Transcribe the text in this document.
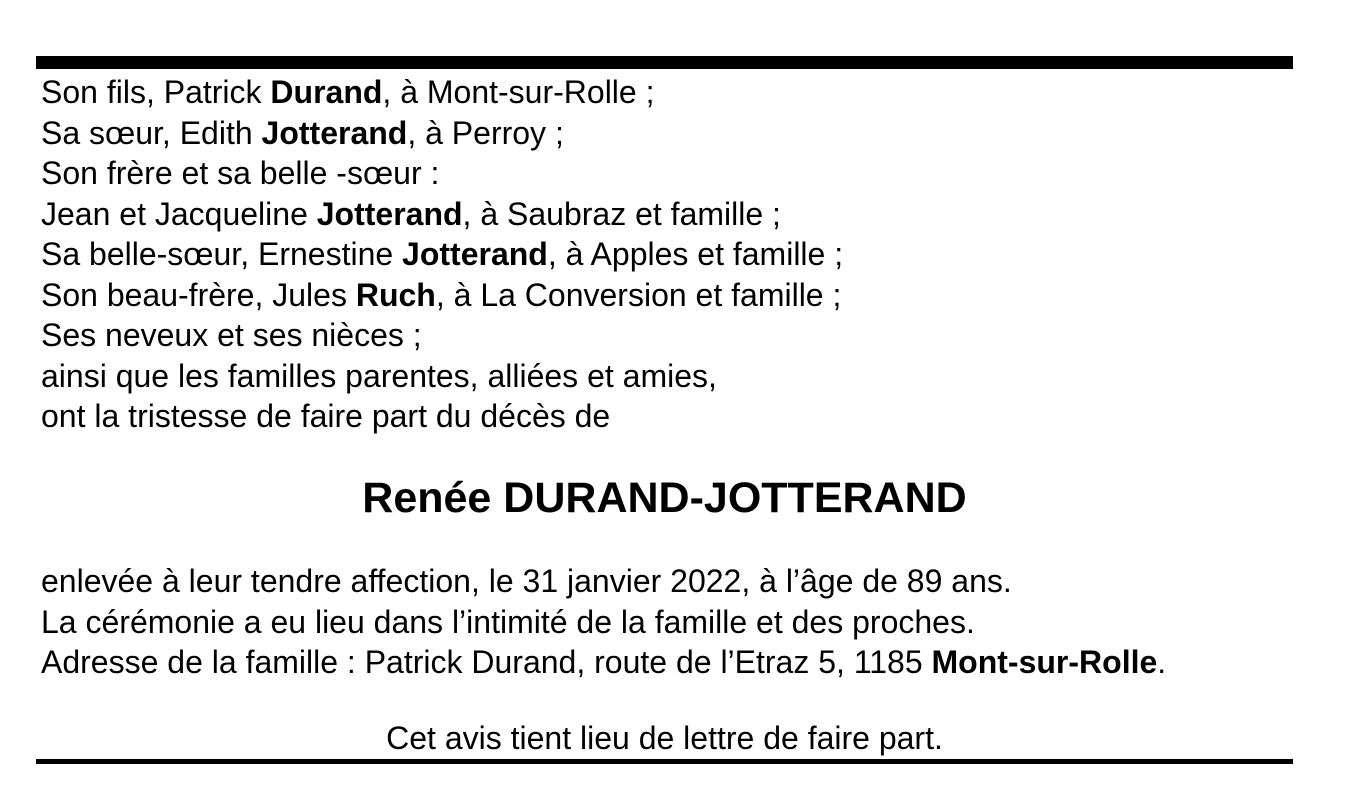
Son fils, Patrick Durand, à Mont-sur-Rolle ;
Sa sœur, Edith Jotterand, à Perroy ;
Son frère et sa belle -sœur :
Jean et Jacqueline Jotterand, à Saubraz et famille ;
Sa belle-sœur, Ernestine Jotterand, à Apples et famille ;
Son beau-frère, Jules Ruch, à La Conversion et famille ;
Ses neveux et ses nièces ;
ainsi que les familles parentes, alliées et amies,
ont la tristesse de faire part du décès de
Renée DURAND-JOTTERAND
enlevée à leur tendre affection, le 31 janvier 2022, à l’âge de 89 ans.
La cérémonie a eu lieu dans l’intimité de la famille et des proches.
Adresse de la famille : Patrick Durand, route de l’Etraz 5, 1185 Mont-sur-Rolle.
Cet avis tient lieu de lettre de faire part.
